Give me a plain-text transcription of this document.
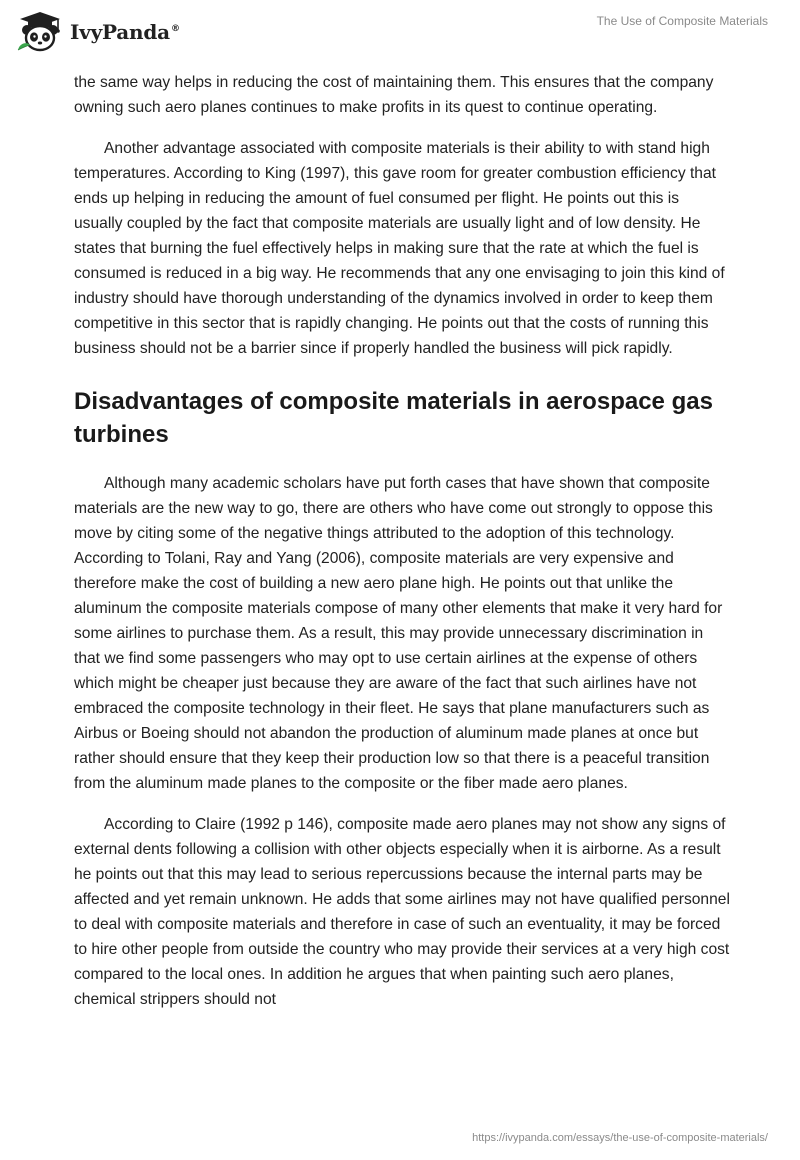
IvyPanda®
The Use of Composite Materials

the same way helps in reducing the cost of maintaining them. This ensures that the company owning such aero planes continues to make profits in its quest to continue operating.

Another advantage associated with composite materials is their ability to with stand high temperatures. According to King (1997), this gave room for greater combustion efficiency that ends up helping in reducing the amount of fuel consumed per flight. He points out this is usually coupled by the fact that composite materials are usually light and of low density. He states that burning the fuel effectively helps in making sure that the rate at which the fuel is consumed is reduced in a big way. He recommends that any one envisaging to join this kind of industry should have thorough understanding of the dynamics involved in order to keep them competitive in this sector that is rapidly changing. He points out that the costs of running this business should not be a barrier since if properly handled the business will pick rapidly.

Disadvantages of composite materials in aerospace gas turbines

Although many academic scholars have put forth cases that have shown that composite materials are the new way to go, there are others who have come out strongly to oppose this move by citing some of the negative things attributed to the adoption of this technology. According to Tolani, Ray and Yang (2006), composite materials are very expensive and therefore make the cost of building a new aero plane high. He points out that unlike the aluminum the composite materials compose of many other elements that make it very hard for some airlines to purchase them. As a result, this may provide unnecessary discrimination in that we find some passengers who may opt to use certain airlines at the expense of others which might be cheaper just because they are aware of the fact that such airlines have not embraced the composite technology in their fleet. He says that plane manufacturers such as Airbus or Boeing should not abandon the production of aluminum made planes at once but rather should ensure that they keep their production low so that there is a peaceful transition from the aluminum made planes to the composite or the fiber made aero planes.

According to Claire (1992 p 146), composite made aero planes may not show any signs of external dents following a collision with other objects especially when it is airborne. As a result he points out that this may lead to serious repercussions because the internal parts may be affected and yet remain unknown. He adds that some airlines may not have qualified personnel to deal with composite materials and therefore in case of such an eventuality, it may be forced to hire other people from outside the country who may provide their services at a very high cost compared to the local ones. In addition he argues that when painting such aero planes, chemical strippers should not

https://ivypanda.com/essays/the-use-of-composite-materials/
